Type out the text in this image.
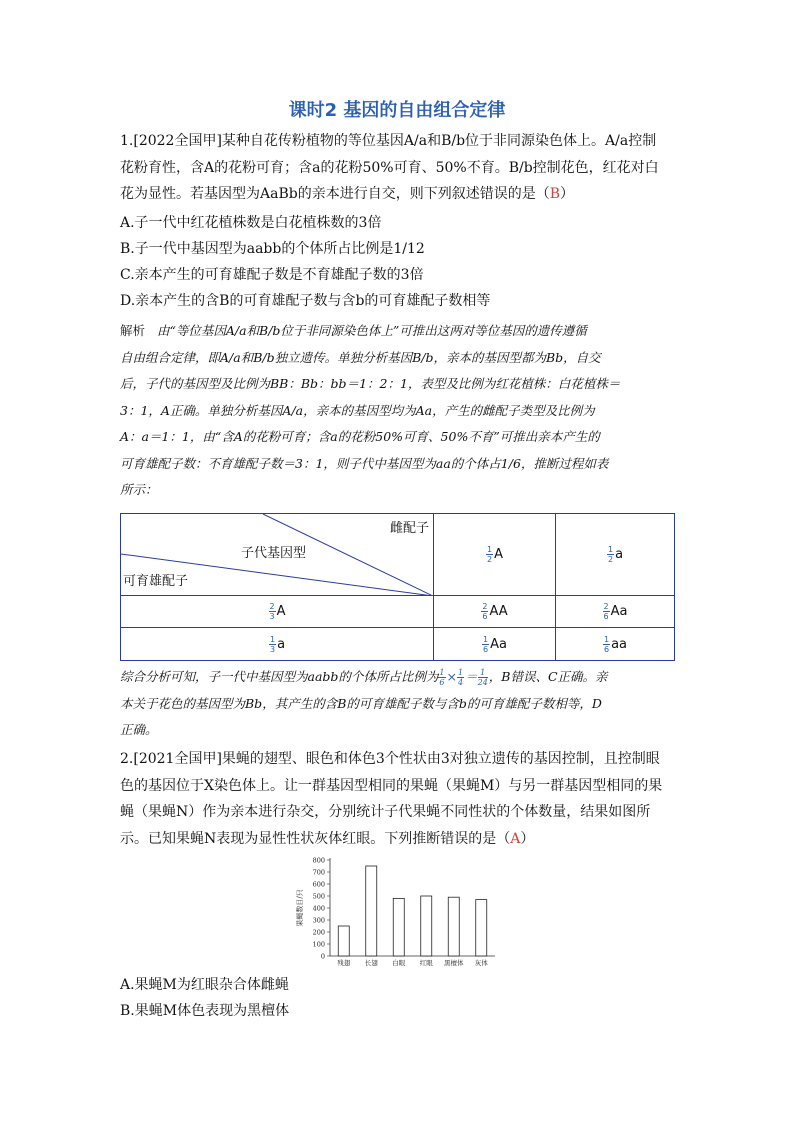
课时2 基因的自由组合定律
1.[2022全国甲]某种自花传粉植物的等位基因A/a和B/b位于非同源染色体上。A/a控制
花粉育性，含A的花粉可育；含a的花粉50%可育、50%不育。B/b控制花色，红花对白
花为显性。若基因型为AaBb的亲本进行自交，则下列叙述错误的是（B）
A.子一代中红花植株数是白花植株数的3倍
B.子一代中基因型为aabb的个体所占比例是1/12
C.亲本产生的可育雄配子数是不育雄配子数的3倍
D.亲本产生的含B的可育雄配子数与含b的可育雄配子数相等
解析 由“等位基因A/a和B/b位于非同源染色体上”可推出这两对等位基因的遗传遵循
自由组合定律，即A/a和B/b独立遗传。单独分析基因B/b，亲本的基因型都为Bb，自交
后，子代的基因型及比例为BB：Bb：bb＝1：2：1，表型及比例为红花植株：白花植株＝
3：1，A正确。单独分析基因A/a，亲本的基因型均为Aa，产生的雌配子类型及比例为
A：a＝1：1，由“含A的花粉可育；含a的花粉50%可育、50%不育”可推出亲本产生的
可育雄配子数：不育雄配子数＝3：1，则子代中基因型为aa的个体占1/6，推断过程如表
所示：
雌配子
子代基因型
可育雄配子	$\frac{1}{2}$ A	$\frac{1}{2}$ a

$\frac{2}{3}$ A	$\frac{2}{6}$ AA	$\frac{2}{6}$ Aa

$\frac{1}{3}$ a	$\frac{1}{6}$ Aa	$\frac{1}{6}$ aa
综合分析可知，子一代中基因型为aabb的个体所占比例为 $\frac{1}{6} \times \frac{1}{4} = \frac{1}{24}$ ，B错误、C正确。亲
本关于花色的基因型为Bb，其产生的含B的可育雄配子数与含b的可育雄配子数相等，D
正确。
2.[2021全国甲]果蝇的翅型、眼色和体色3个性状由3对独立遗传的基因控制，且控制眼
色的基因位于X染色体上。让一群基因型相同的果蝇（果蝇M）与另一群基因型相同的果
蝇（果蝇N）作为亲本进行杂交，分别统计子代果蝇不同性状的个体数量，结果如图所
示。已知果蝇N表现为显性性状灰体红眼。下列推断错误的是（A）
0
100
200
300
400
500
600
700
800
果蝇数目/只
残翅 长翅 白眼 红眼 黑檀体 灰体
A.果蝇M为红眼杂合体雌蝇
B.果蝇M体色表现为黑檀体
